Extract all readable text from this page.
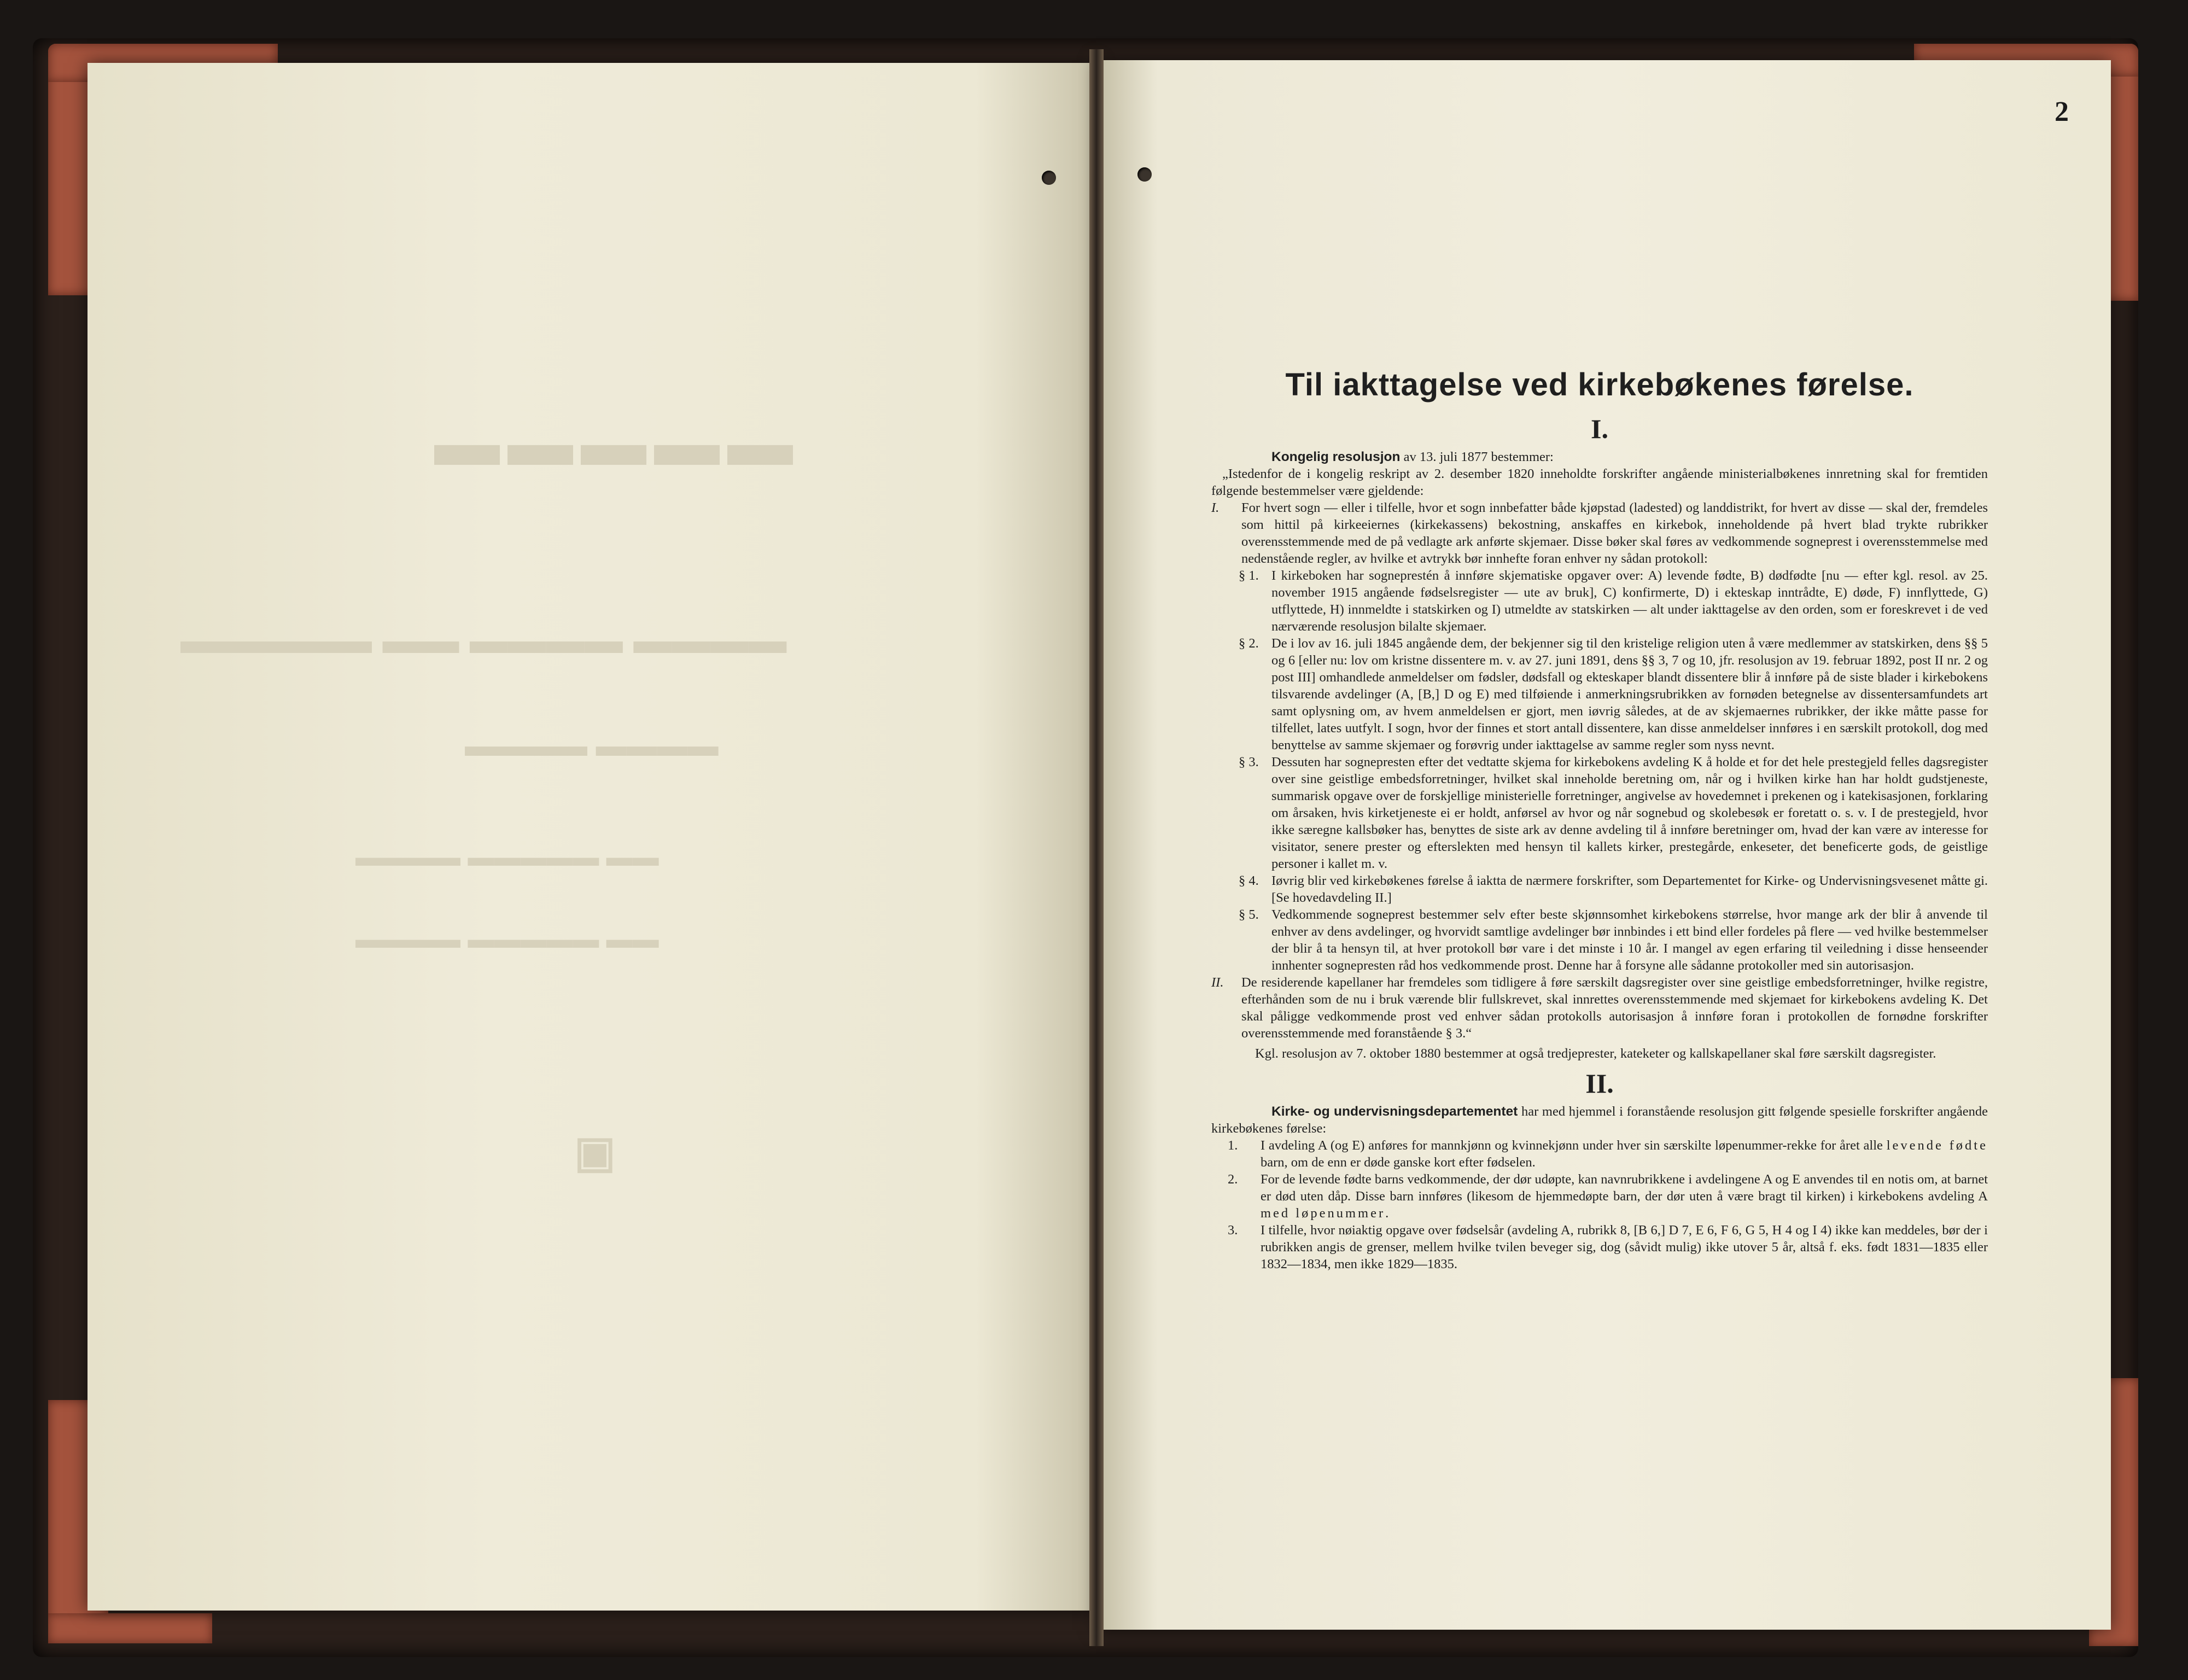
▬▬▬▬▬
▬▬▬▬ ▬▬▬▬ ▬▬ ▬▬▬▬▬
▬▬▬▬ ▬▬▬▬
▬▬ ▬▬▬▬▬ ▬▬▬▬
▬▬ ▬▬▬▬▬ ▬▬▬▬
▣
2
Til iakttagelse ved kirkebøkenes førelse.
I.

Kongelig resolusjon av 13. juli 1877 bestemmer:

„Istedenfor de i kongelig reskript av 2. desember 1820 inneholdte forskrifter angående ministerialbøkenes innretning skal for fremtiden følgende bestemmelser være gjeldende:

I.	For hvert sogn — eller i tilfelle, hvor et sogn innbefatter både kjøpstad (ladested) og landdistrikt, for hvert av disse — skal der, fremdeles som hittil på kirkeeiernes (kirkekassens) bekostning, anskaffes en kirkebok, inneholdende på hvert blad trykte rubrikker overensstemmende med de på vedlagte ark anførte skjemaer. Disse bøker skal føres av vedkommende sogneprest i overensstemmelse med nedenstående regler, av hvilke et avtrykk bør innhefte foran enhver ny sådan protokoll:
§ 1. I kirkeboken har sogneprestén å innføre skjematiske opgaver over: A) levende fødte, B) dødfødte [nu — efter kgl. resol. av 25. november 1915 angående fødselsregister — ute av bruk], C) konfirmerte, D) i ekteskap inntrådte, E) døde, F) innflyttede, G) utflyttede, H) innmeldte i statskirken og I) utmeldte av statskirken — alt under iakttagelse av den orden, som er foreskrevet i de ved nærværende resolusjon bilalte skjemaer.
§ 2. De i lov av 16. juli 1845 angående dem, der bekjenner sig til den kristelige religion uten å være medlemmer av statskirken, dens §§ 5 og 6 [eller nu: lov om kristne dissentere m. v. av 27. juni 1891, dens §§ 3, 7 og 10, jfr. resolusjon av 19. februar 1892, post II nr. 2 og post III] omhandlede anmeldelser om fødsler, dødsfall og ekteskaper blandt dissentere blir å innføre på de siste blader i kirkebokens tilsvarende avdelinger (A, [B,] D og E) med tilføiende i anmerkningsrubrikken av fornøden betegnelse av dissentersamfundets art samt oplysning om, av hvem anmeldelsen er gjort, men iøvrig således, at de av skjemaernes rubrikker, der ikke måtte passe for tilfellet, lates uutfylt. I sogn, hvor der finnes et stort antall dissentere, kan disse anmeldelser innføres i en særskilt protokoll, dog med benyttelse av samme skjemaer og forøvrig under iakttagelse av samme regler som nyss nevnt.
§ 3. Dessuten har sognepresten efter det vedtatte skjema for kirkebokens avdeling K å holde et for det hele prestegjeld felles dagsregister over sine geistlige embedsforretninger, hvilket skal inneholde beretning om, når og i hvilken kirke han har holdt gudstjeneste, summarisk opgave over de forskjellige ministerielle forretninger, angivelse av hovedemnet i prekenen og i katekisasjonen, forklaring om årsaken, hvis kirketjeneste ei er holdt, anførsel av hvor og når sognebud og skolebesøk er foretatt o. s. v. I de prestegjeld, hvor ikke særegne kallsbøker has, benyttes de siste ark av denne avdeling til å innføre beretninger om, hvad der kan være av interesse for visitator, senere prester og efterslekten med hensyn til kallets kirker, prestegårde, enkeseter, det beneficerte gods, de geistlige personer i kallet m. v.
§ 4. Iøvrig blir ved kirkebøkenes førelse å iaktta de nærmere forskrifter, som Departementet for Kirke- og Undervisningsvesenet måtte gi. [Se hovedavdeling II.]
§ 5. Vedkommende sogneprest bestemmer selv efter beste skjønnsomhet kirkebokens størrelse, hvor mange ark der blir å anvende til enhver av dens avdelinger, og hvorvidt samtlige avdelinger bør innbindes i ett bind eller fordeles på flere — ved hvilke bestemmelser der blir å ta hensyn til, at hver protokoll bør vare i det minste i 10 år. I mangel av egen erfaring til veiledning i disse henseender innhenter sognepresten råd hos vedkommende prost. Denne har å forsyne alle sådanne protokoller med sin autorisasjon.
II.	De residerende kapellaner har fremdeles som tidligere å føre særskilt dagsregister over sine geistlige embedsforretninger, hvilke registre, efterhånden som de nu i bruk værende blir fullskrevet, skal innrettes overensstemmende med skjemaet for kirkebokens avdeling K. Det skal påligge vedkommende prost ved enhver sådan protokolls autorisasjon å innføre foran i protokollen de fornødne forskrifter overensstemmende med foranstående § 3.“

Kgl. resolusjon av 7. oktober 1880 bestemmer at også tredjeprester, kateketer og kallskapellaner skal føre særskilt dagsregister.

II.

Kirke- og undervisningsdepartementet har med hjemmel i foranstående resolusjon gitt følgende spesielle forskrifter angående kirkebøkenes førelse:

1.	I avdeling A (og E) anføres for mannkjønn og kvinnekjønn under hver sin særskilte løpenummer-rekke for året alle levende fødte barn, om de enn er døde ganske kort efter fødselen.
2.	For de levende fødte barns vedkommende, der dør udøpte, kan navnrubrikkene i avdelingene A og E anvendes til en notis om, at barnet er død uten dåp. Disse barn innføres (likesom de hjemmedøpte barn, der dør uten å være bragt til kirken) i kirkebokens avdeling A med løpenummer.
3.	I tilfelle, hvor nøiaktig opgave over fødselsår (avdeling A, rubrikk 8, [B 6,] D 7, E 6, F 6, G 5, H 4 og I 4) ikke kan meddeles, bør der i rubrikken angis de grenser, mellem hvilke tvilen beveger sig, dog (såvidt mulig) ikke utover 5 år, altså f. eks. født 1831—1835 eller 1832—1834, men ikke 1829—1835.
